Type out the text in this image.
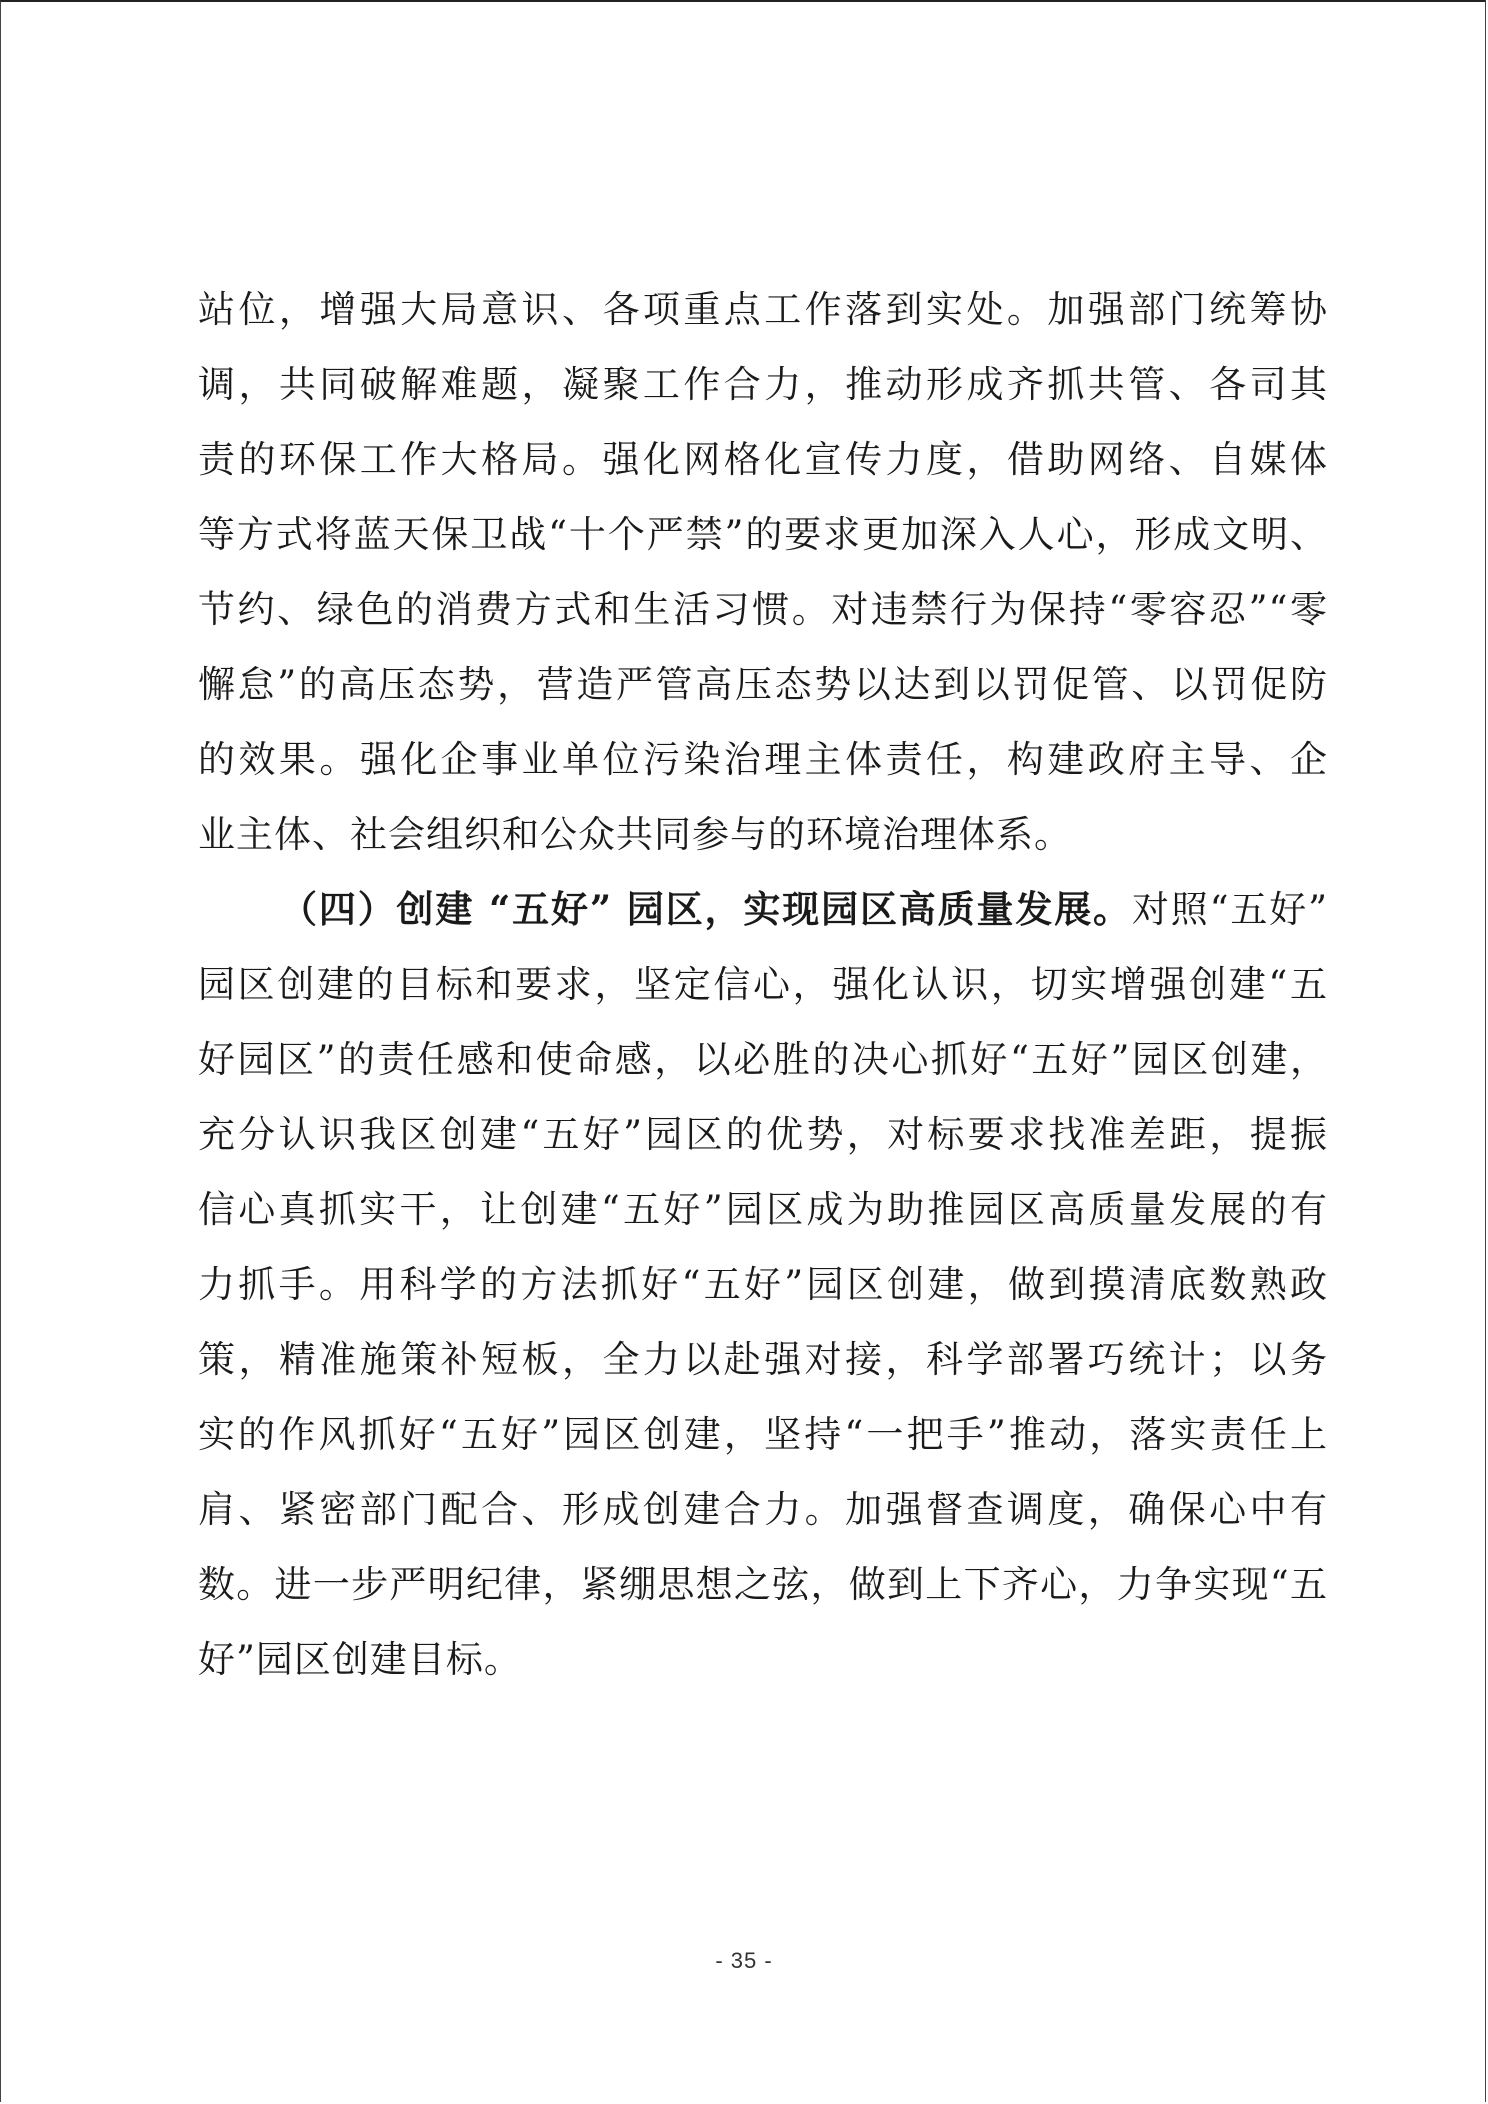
站位，增强大局意识、各项重点工作落到实处。加强部门统筹协
调，共同破解难题，凝聚工作合力，推动形成齐抓共管、各司其
责的环保工作大格局。强化网格化宣传力度，借助网络、自媒体
等方式将蓝天保卫战“十个严禁”的要求更加深入人心，形成文明、
节约、绿色的消费方式和生活习惯。对违禁行为保持“零容忍”“零
懈怠”的高压态势，营造严管高压态势以达到以罚促管、以罚促防
的效果。强化企事业单位污染治理主体责任，构建政府主导、企
业主体、社会组织和公众共同参与的环境治理体系。
（四）创建 “五好” 园区，实现园区高质量发展。对照“五好”
园区创建的目标和要求，坚定信心，强化认识，切实增强创建“五
好园区”的责任感和使命感，以必胜的决心抓好“五好”园区创建，
充分认识我区创建“五好”园区的优势，对标要求找准差距，提振
信心真抓实干，让创建“五好”园区成为助推园区高质量发展的有
力抓手。用科学的方法抓好“五好”园区创建，做到摸清底数熟政
策，精准施策补短板，全力以赴强对接，科学部署巧统计；以务
实的作风抓好“五好”园区创建，坚持“一把手”推动，落实责任上
肩、紧密部门配合、形成创建合力。加强督查调度，确保心中有
数。进一步严明纪律，紧绷思想之弦，做到上下齐心，力争实现“五
好”园区创建目标。
- 35 -
